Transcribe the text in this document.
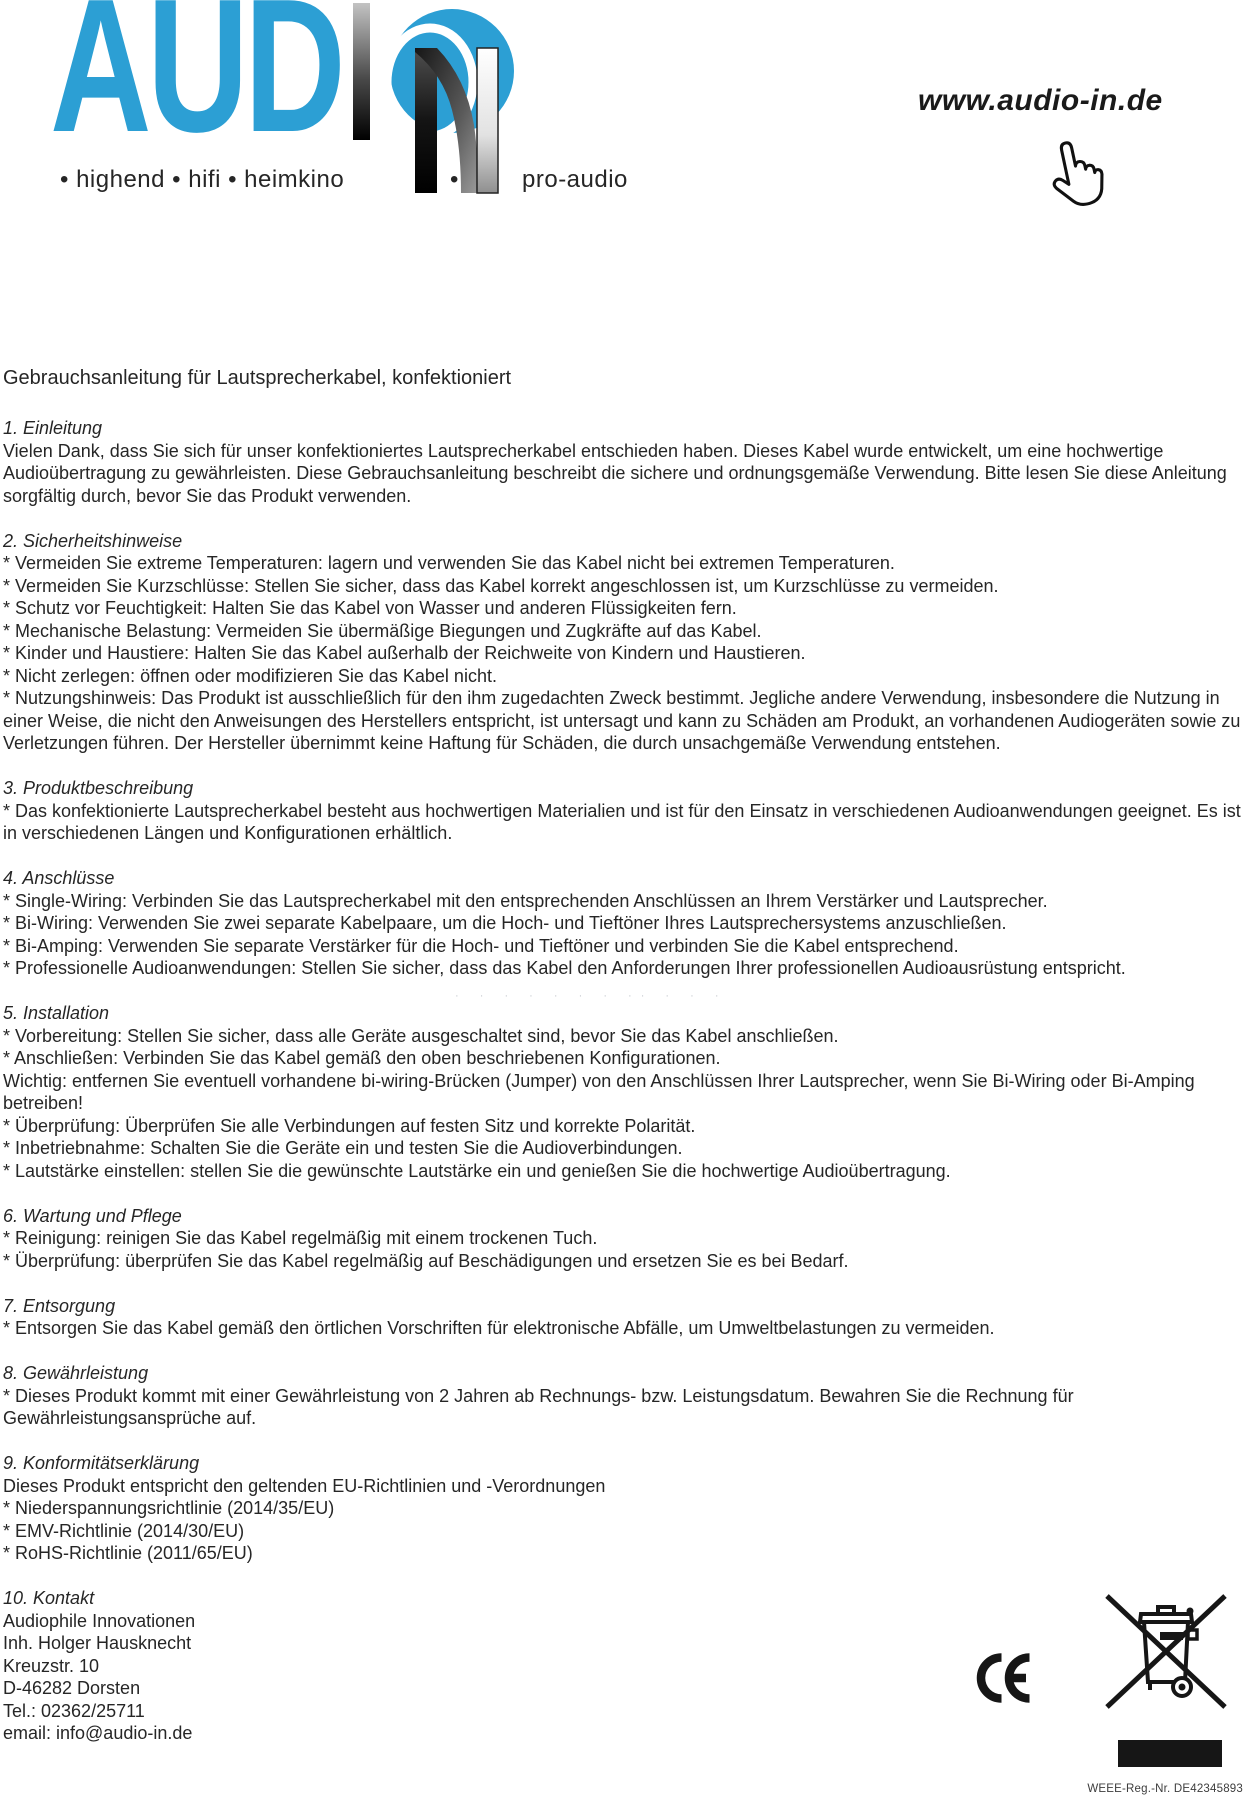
AUD
• highend • hifi • heimkino	•	pro-audio
www.audio-in.de
Gebrauchsanleitung für Lautsprecherkabel, konfektioniert
1. Einleitung
Vielen Dank, dass Sie sich für unser konfektioniertes Lautsprecherkabel entschieden haben. Dieses Kabel wurde entwickelt, um eine hochwertige Audioübertragung zu gewährleisten. Diese Gebrauchsanleitung beschreibt die sichere und ordnungsgemäße Verwendung. Bitte lesen Sie diese Anleitung sorgfältig durch, bevor Sie das Produkt verwenden.
2. Sicherheitshinweise
* Vermeiden Sie extreme Temperaturen: lagern und verwenden Sie das Kabel nicht bei extremen Temperaturen.
* Vermeiden Sie Kurzschlüsse: Stellen Sie sicher, dass das Kabel korrekt angeschlossen ist, um Kurzschlüsse zu vermeiden.
* Schutz vor Feuchtigkeit: Halten Sie das Kabel von Wasser und anderen Flüssigkeiten fern.
* Mechanische Belastung: Vermeiden Sie übermäßige Biegungen und Zugkräfte auf das Kabel.
* Kinder und Haustiere: Halten Sie das Kabel außerhalb der Reichweite von Kindern und Haustieren.
* Nicht zerlegen: öffnen oder modifizieren Sie das Kabel nicht.
* Nutzungshinweis: Das Produkt ist ausschließlich für den ihm zugedachten Zweck bestimmt. Jegliche andere Verwendung, insbesondere die Nutzung in einer Weise, die nicht den Anweisungen des Herstellers entspricht, ist untersagt und kann zu Schäden am Produkt, an vorhandenen Audiogeräten sowie zu Verletzungen führen. Der Hersteller übernimmt keine Haftung für Schäden, die durch unsachgemäße Verwendung entstehen.
3. Produktbeschreibung
* Das konfektionierte Lautsprecherkabel besteht aus hochwertigen Materialien und ist für den Einsatz in verschiedenen Audioanwendungen geeignet. Es ist in verschiedenen Längen und Konfigurationen erhältlich.
4. Anschlüsse
* Single-Wiring: Verbinden Sie das Lautsprecherkabel mit den entsprechenden Anschlüssen an Ihrem Verstärker und Lautsprecher.
* Bi-Wiring: Verwenden Sie zwei separate Kabelpaare, um die Hoch- und Tieftöner Ihres Lautsprechersystems anzuschließen.
* Bi-Amping: Verwenden Sie separate Verstärker für die Hoch- und Tieftöner und verbinden Sie die Kabel entsprechend.
* Professionelle Audioanwendungen: Stellen Sie sicher, dass das Kabel den Anforderungen Ihrer professionellen Audioausrüstung entspricht.
5. Installation
* Vorbereitung: Stellen Sie sicher, dass alle Geräte ausgeschaltet sind, bevor Sie das Kabel anschließen.
* Anschließen: Verbinden Sie das Kabel gemäß den oben beschriebenen Konfigurationen.
Wichtig: entfernen Sie eventuell vorhandene bi-wiring-Brücken (Jumper) von den Anschlüssen Ihrer Lautsprecher, wenn Sie Bi-Wiring oder Bi-Amping betreiben!
* Überprüfung: Überprüfen Sie alle Verbindungen auf festen Sitz und korrekte Polarität.
* Inbetriebnahme: Schalten Sie die Geräte ein und testen Sie die Audioverbindungen.
* Lautstärke einstellen: stellen Sie die gewünschte Lautstärke ein und genießen Sie die hochwertige Audioübertragung.
6. Wartung und Pflege
* Reinigung: reinigen Sie das Kabel regelmäßig mit einem trockenen Tuch.
* Überprüfung: überprüfen Sie das Kabel regelmäßig auf Beschädigungen und ersetzen Sie es bei Bedarf.
7. Entsorgung
* Entsorgen Sie das Kabel gemäß den örtlichen Vorschriften für elektronische Abfälle, um Umweltbelastungen zu vermeiden.
8. Gewährleistung
* Dieses Produkt kommt mit einer Gewährleistung von 2 Jahren ab Rechnungs- bzw. Leistungsdatum. Bewahren Sie die Rechnung für Gewährleistungsansprüche auf.
9. Konformitätserklärung
Dieses Produkt entspricht den geltenden EU-Richtlinien und -Verordnungen
* Niederspannungsrichtlinie (2014/35/EU)
* EMV-Richtlinie (2014/30/EU)
* RoHS-Richtlinie (2011/65/EU)
10. Kontakt
Audiophile Innovationen
Inh. Holger Hausknecht
Kreuzstr. 10
D-46282 Dorsten
Tel.: 02362/25711
email: info@audio-in.de
· · · · · · · ·· · · ·
WEEE-Reg.-Nr. DE42345893
